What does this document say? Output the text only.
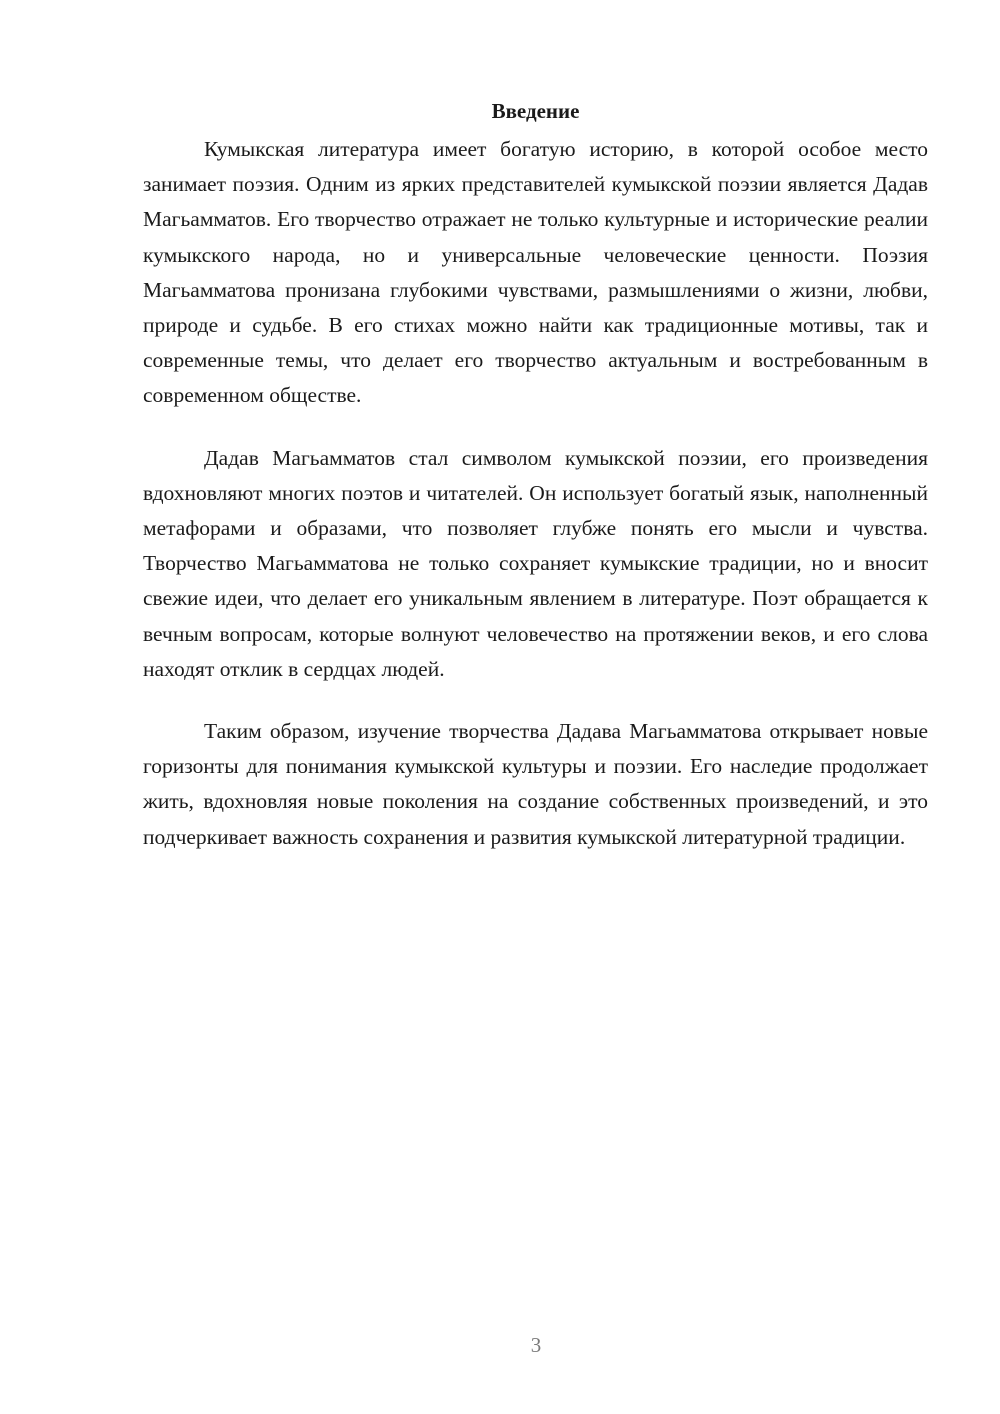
Введение

Кумыкская литература имеет богатую историю, в которой особое место занимает поэзия. Одним из ярких представителей кумыкской поэзии является Дадав Магьамматов. Его творчество отражает не только культурные и исторические реалии кумыкского народа, но и универсальные человеческие ценности. Поэзия Магьамматова пронизана глубокими чувствами, размышлениями о жизни, любви, природе и судьбе. В его стихах можно найти как традиционные мотивы, так и современные темы, что делает его творчество актуальным и востребованным в современном обществе.

Дадав Магьамматов стал символом кумыкской поэзии, его произведения вдохновляют многих поэтов и читателей. Он использует богатый язык, наполненный метафорами и образами, что позволяет глубже понять его мысли и чувства. Творчество Магьамматова не только сохраняет кумыкские традиции, но и вносит свежие идеи, что делает его уникальным явлением в литературе. Поэт обращается к вечным вопросам, которые волнуют человечество на протяжении веков, и его слова находят отклик в сердцах людей.

Таким образом, изучение творчества Дадава Магьамматова открывает новые горизонты для понимания кумыкской культуры и поэзии. Его наследие продолжает жить, вдохновляя новые поколения на создание собственных произведений, и это подчеркивает важность сохранения и развития кумыкской литературной традиции.

3
